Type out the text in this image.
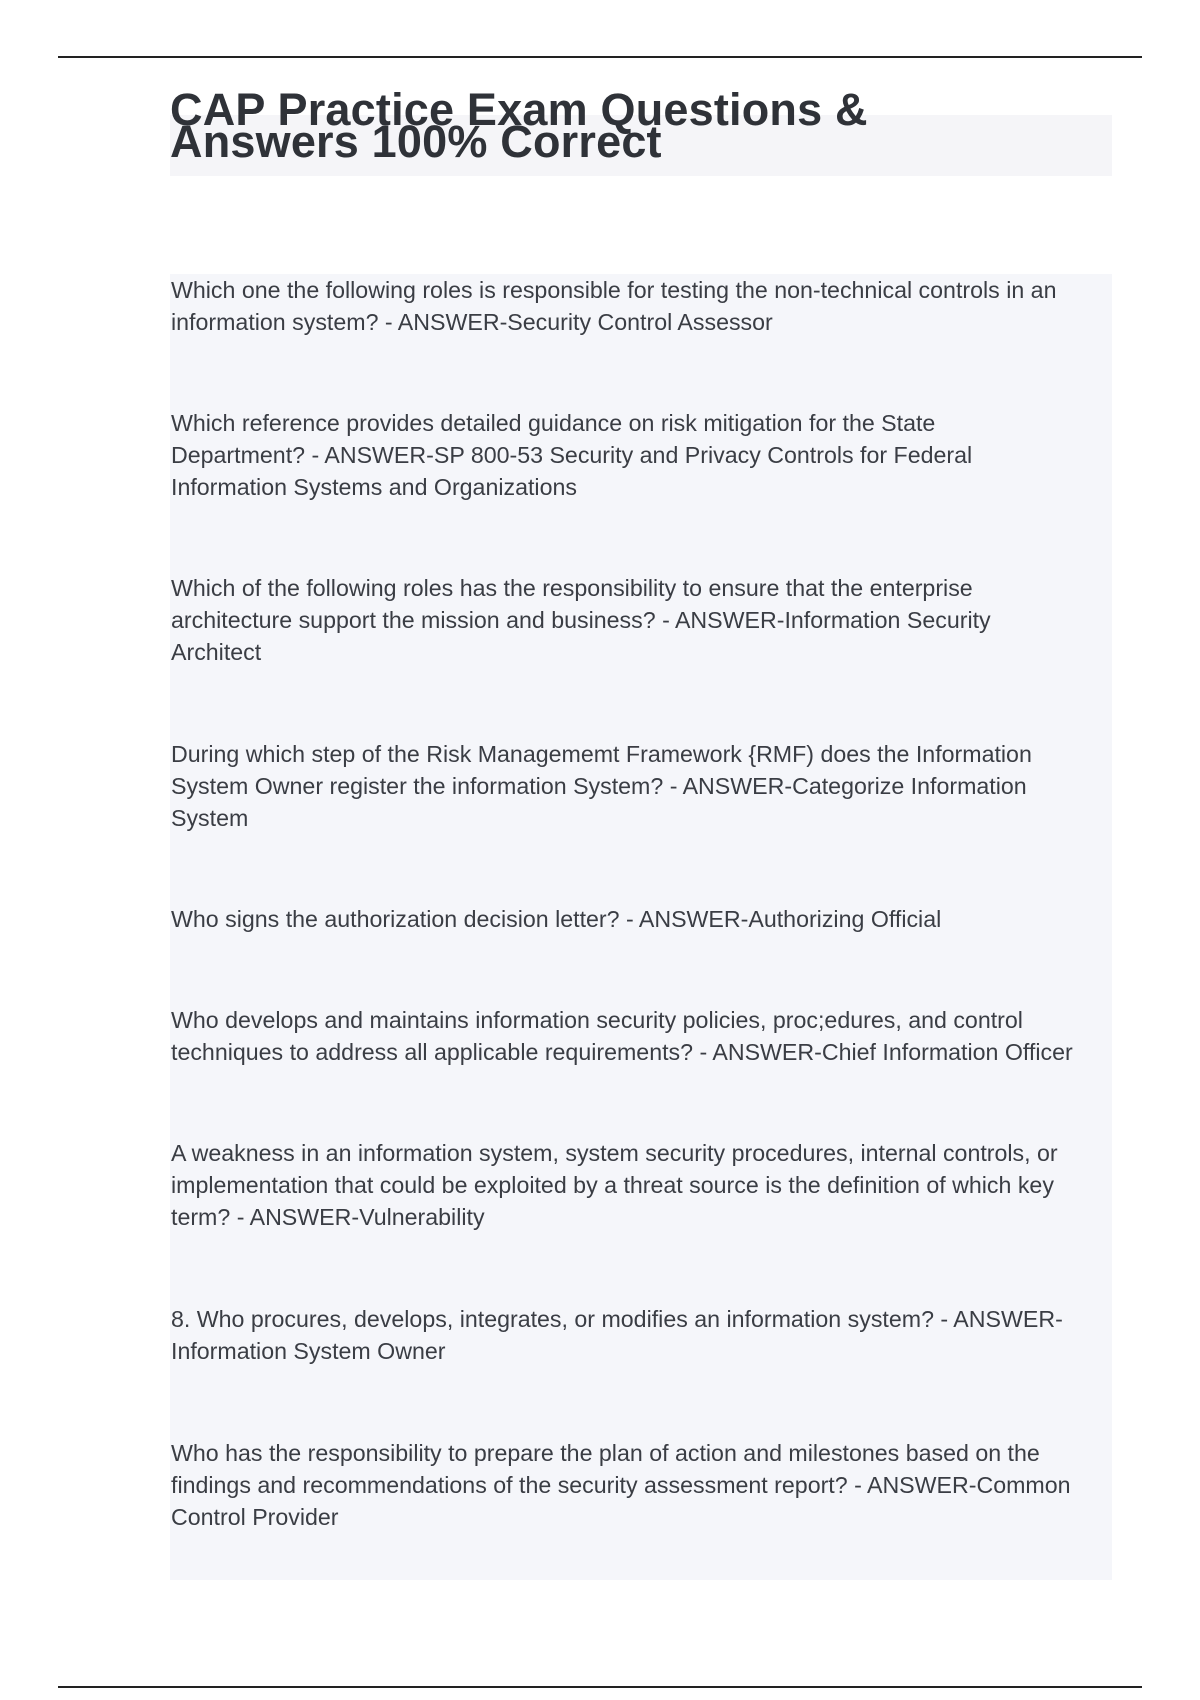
CAP Practice Exam Questions & Answers 100% Correct

Which one the following roles is responsible for testing the non-technical controls in an
information system? - ANSWER-Security Control Assessor

Which reference provides detailed guidance on risk mitigation for the State
Department? - ANSWER-SP 800-53 Security and Privacy Controls for Federal
Information Systems and Organizations

Which of the following roles has the responsibility to ensure that the enterprise
architecture support the mission and business? - ANSWER-Information Security
Architect

During which step of the Risk Managememt Framework {RMF) does the Information
System Owner register the information System? - ANSWER-Categorize Information
System

Who signs the authorization decision letter? - ANSWER-Authorizing Official

Who develops and maintains information security policies, proc;edures, and control
techniques to address all applicable requirements? - ANSWER-Chief Information Officer

A weakness in an information system, system security procedures, internal controls, or
implementation that could be exploited by a threat source is the definition of which key
term? - ANSWER-Vulnerability

8. Who procures, develops, integrates, or modifies an information system? - ANSWER-
Information System Owner

Who has the responsibility to prepare the plan of action and milestones based on the
findings and recommendations of the security assessment report? - ANSWER-Common
Control Provider
